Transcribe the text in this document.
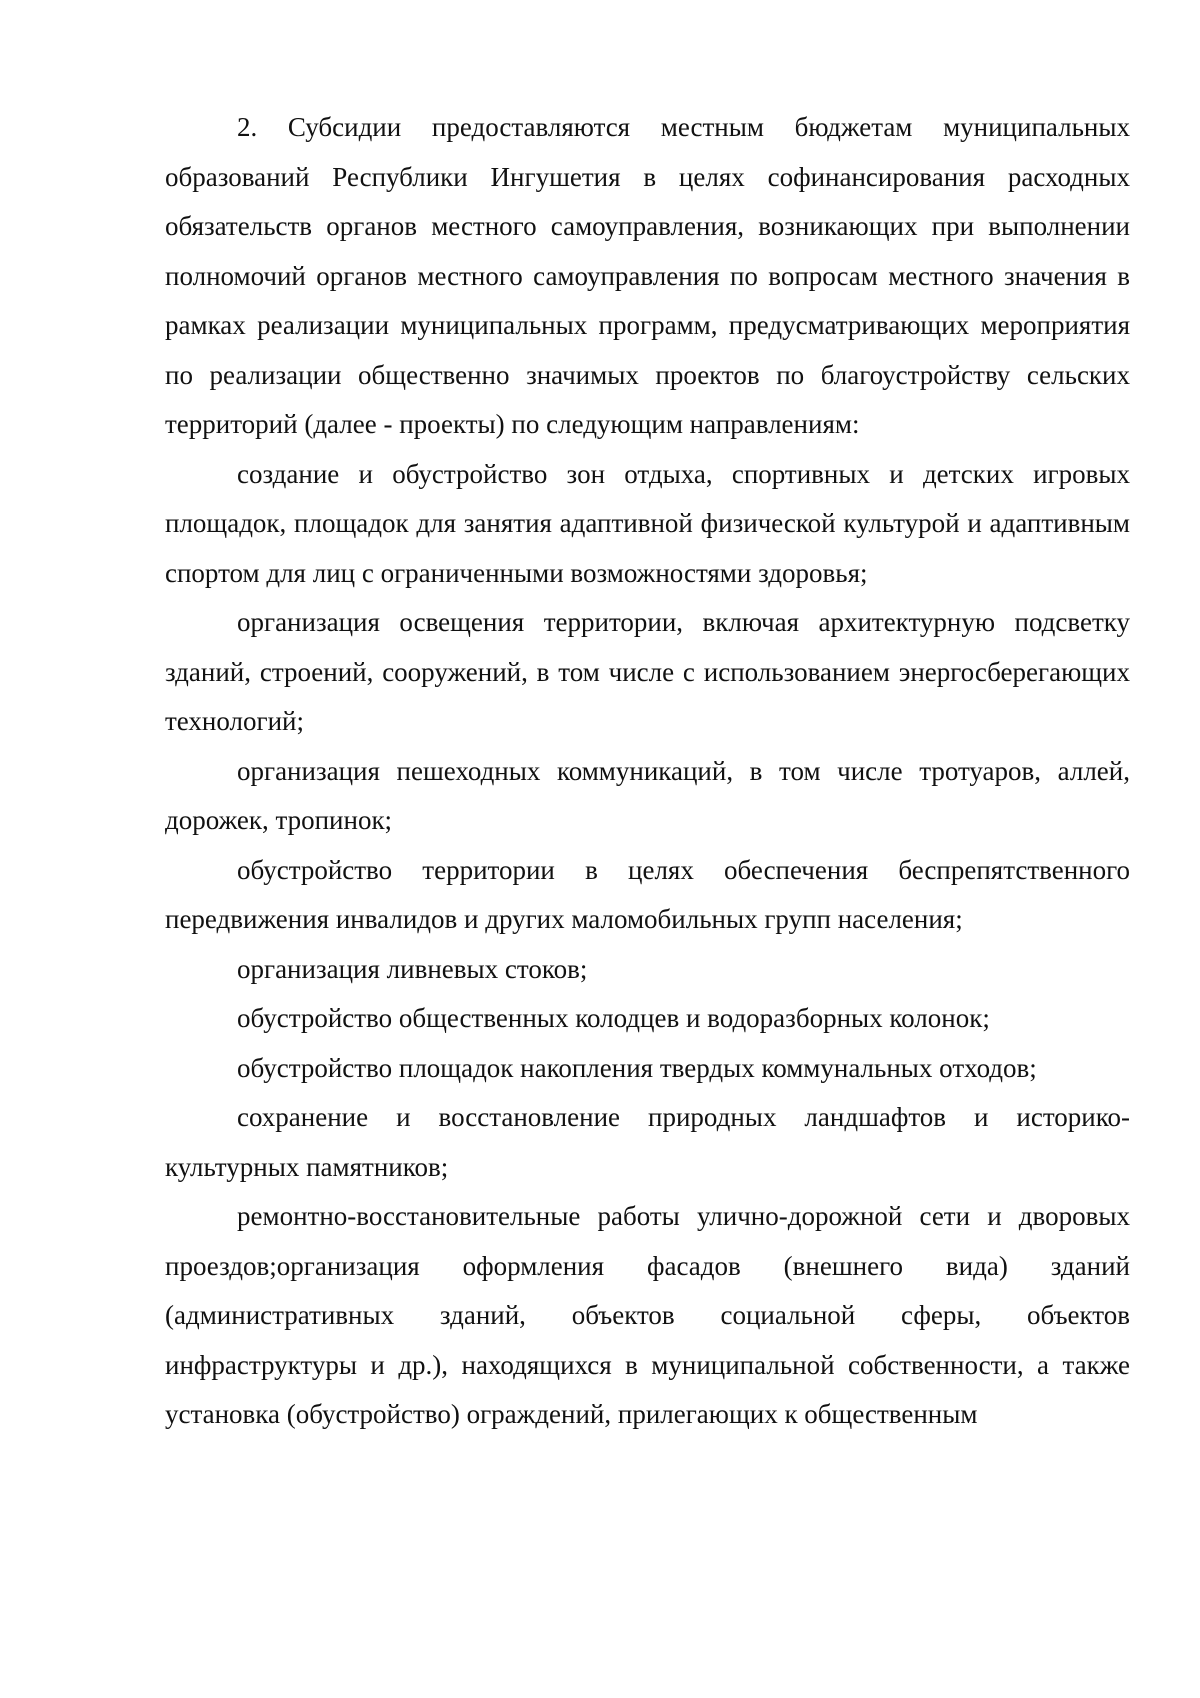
2. Субсидии предоставляются местным бюджетам муниципальных образований Республики Ингушетия в целях софинансирования расходных обязательств органов местного самоуправления, возникающих при выполнении полномочий органов местного самоуправления по вопросам местного значения в рамках реализации муниципальных программ, предусматривающих мероприятия по реализации общественно значимых проектов по благоустройству сельских территорий (далее - проекты) по следующим направлениям:

создание и обустройство зон отдыха, спортивных и детских игровых площадок, площадок для занятия адаптивной физической культурой и адаптивным спортом для лиц с ограниченными возможностями здоровья;

организация освещения территории, включая архитектурную подсветку зданий, строений, сооружений, в том числе с использованием энергосберегающих технологий;

организация пешеходных коммуникаций, в том числе тротуаров, аллей, дорожек, тропинок;

обустройство территории в целях обеспечения беспрепятственного передвижения инвалидов и других маломобильных групп населения;

организация ливневых стоков;

обустройство общественных колодцев и водоразборных колонок;

обустройство площадок накопления твердых коммунальных отходов;

сохранение и восстановление природных ландшафтов и историко-культурных памятников;

ремонтно-восстановительные работы улично-дорожной сети и дворовых проездов;организация оформления фасадов (внешнего вида) зданий (административных зданий, объектов социальной сферы, объектов инфраструктуры и др.), находящихся в муниципальной собственности, а также установка (обустройство) ограждений, прилегающих к общественным
